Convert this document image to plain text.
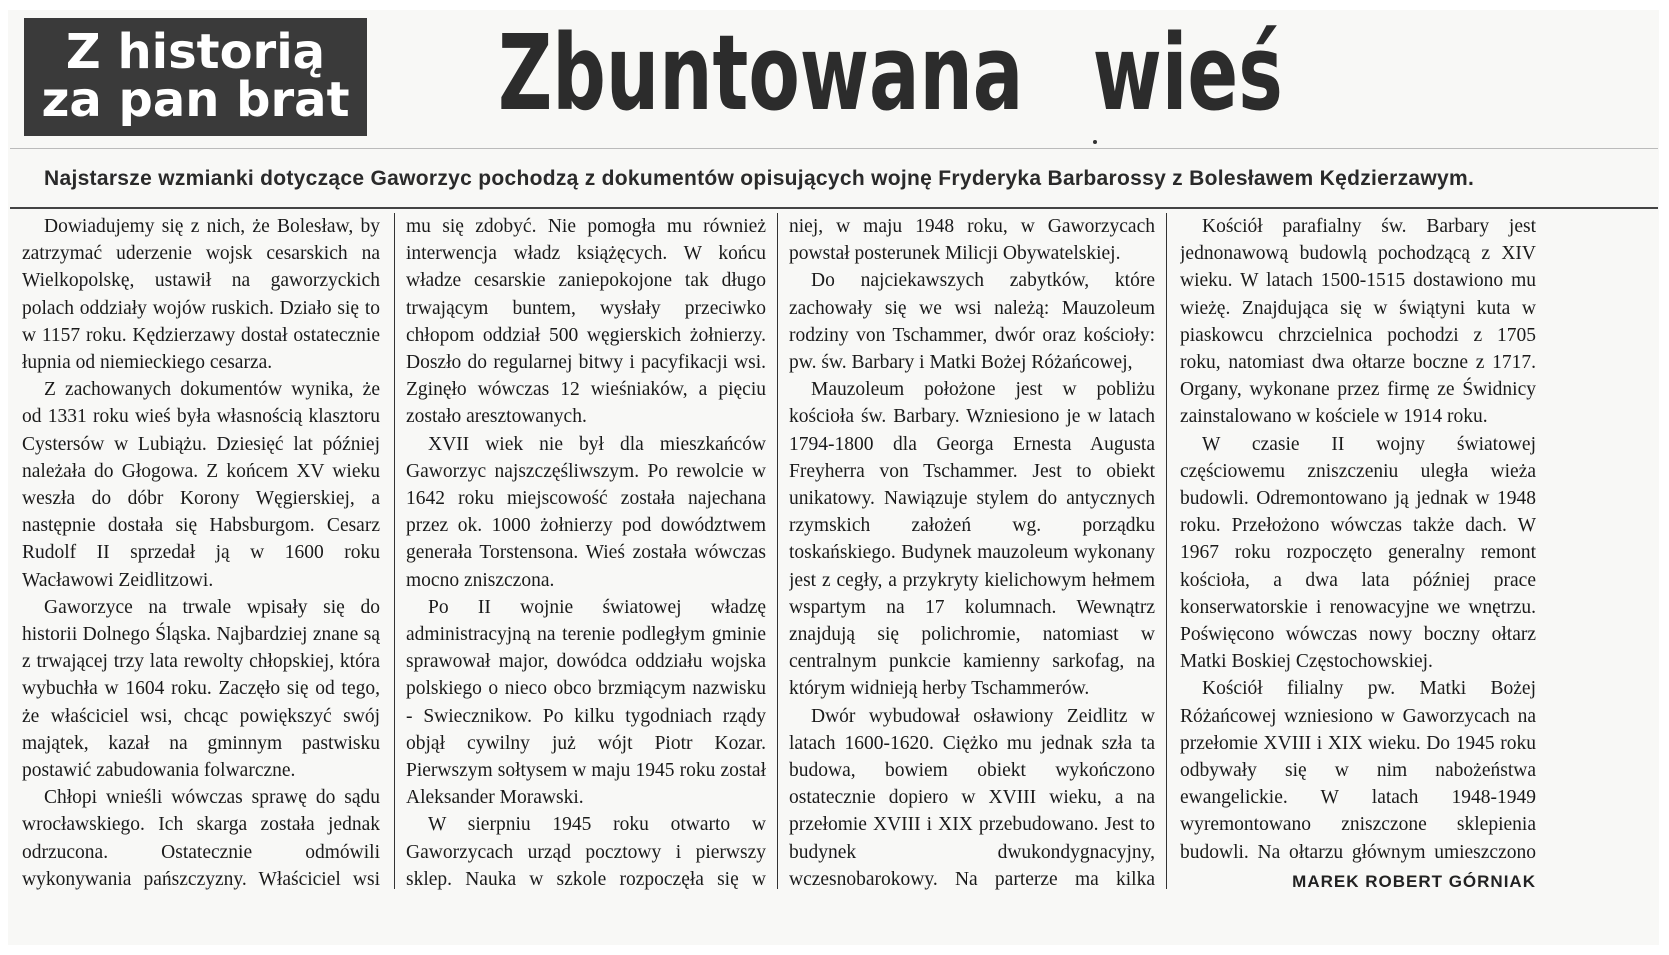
Z historią
za pan brat Zbuntowana wieś
Najstarsze wzmianki dotyczące Gaworzyc pochodzą z dokumentów opisujących wojnę Fryderyka Barbarossy z Bolesławem Kędzierzawym.

Dowiadujemy się z nich, że Bolesław, by zatrzymać uderzenie wojsk cesarskich na Wielkopolskę, ustawił na gaworzyckich polach oddziały wojów ruskich. Działo się to w 1157 roku. Kędzierzawy dostał ostatecznie łupnia od niemieckiego cesarza.

Z zachowanych dokumentów wynika, że od 1331 roku wieś była własnością klasztoru Cystersów w Lubiążu. Dziesięć lat później należała do Głogowa. Z końcem XV wieku weszła do dóbr Korony Węgierskiej, a następnie dostała się Habsburgom. Cesarz Rudolf II sprzedał ją w 1600 roku Wacławowi Zeidlitzowi.

Gaworzyce na trwale wpisały się do historii Dolnego Śląska. Najbardziej znane są z trwającej trzy lata rewolty chłopskiej, która wybuchła w 1604 roku. Zaczęło się od tego, że właściciel wsi, chcąc powiększyć swój majątek, kazał na gminnym pastwisku postawić zabudowania folwarczne.

Chłopi wnieśli wówczas sprawę do sądu wrocławskiego. Ich skarga została jednak odrzucona. Ostatecznie odmówili wykonywania pańszczyzny. Właściciel wsi

mu się zdobyć. Nie pomogła mu również interwencja władz książęcych. W końcu władze cesarskie zaniepokojone tak długo trwającym buntem, wysłały przeciwko chłopom oddział 500 węgierskich żołnierzy. Doszło do regularnej bitwy i pacyfikacji wsi. Zginęło wówczas 12 wieśniaków, a pięciu zostało aresztowanych.

XVII wiek nie był dla mieszkańców Gaworzyc najszczęśliwszym. Po rewolcie w 1642 roku miejscowość została najechana przez ok. 1000 żołnierzy pod dowództwem generała Torstensona. Wieś została wówczas mocno zniszczona.

Po II wojnie światowej władzę administracyjną na terenie podległym gminie sprawował major, dowódca oddziału wojska polskiego o nieco obco brzmiącym nazwisku - Swiecznikow. Po kilku tygodniach rządy objął cywilny już wójt Piotr Kozar. Pierwszym sołtysem w maju 1945 roku został Aleksander Morawski.

W sierpniu 1945 roku otwarto w Gaworzycach urząd pocztowy i pierwszy sklep. Nauka w szkole rozpoczęła się w

niej, w maju 1948 roku, w Gaworzycach powstał posterunek Milicji Obywatelskiej.

Do najciekawszych zabytków, które zachowały się we wsi należą: Mauzoleum rodziny von Tschammer, dwór oraz kościoły: pw. św. Barbary i Matki Bożej Różańcowej,

Mauzoleum położone jest w pobliżu kościoła św. Barbary. Wzniesiono je w latach 1794-1800 dla Georga Ernesta Augusta Freyherra von Tschammer. Jest to obiekt unikatowy. Nawiązuje stylem do antycznych rzymskich założeń wg. porządku toskańskiego. Budynek mauzoleum wykonany jest z cegły, a przykryty kielichowym hełmem wspartym na 17 kolumnach. Wewnątrz znajdują się polichromie, natomiast w centralnym punkcie kamienny sarkofag, na którym widnieją herby Tschammerów.

Dwór wybudował osławiony Zeidlitz w latach 1600-1620. Ciężko mu jednak szła ta budowa, bowiem obiekt wykończono ostatecznie dopiero w XVIII wieku, a na przełomie XVIII i XIX przebudowano. Jest to budynek dwukondygnacyjny, wczesnobarokowy. Na parterze ma kilka

Kościół parafialny św. Barbary jest jednonawową budowlą pochodzącą z XIV wieku. W latach 1500-1515 dostawiono mu wieżę. Znajdująca się w świątyni kuta w piaskowcu chrzcielnica pochodzi z 1705 roku, natomiast dwa ołtarze boczne z 1717. Organy, wykonane przez firmę ze Świdnicy zainstalowano w kościele w 1914 roku.

W czasie II wojny światowej częściowemu zniszczeniu uległa wieża budowli. Odremontowano ją jednak w 1948 roku. Przełożono wówczas także dach. W 1967 roku rozpoczęto generalny remont kościoła, a dwa lata później prace konserwatorskie i renowacyjne we wnętrzu. Poświęcono wówczas nowy boczny ołtarz Matki Boskiej Częstochowskiej.

Kościół filialny pw. Matki Bożej Różańcowej wzniesiono w Gaworzycach na przełomie XVIII i XIX wieku. Do 1945 roku odbywały się w nim nabożeństwa ewangelickie. W latach 1948-1949 wyremontowano zniszczone sklepienia budowli. Na ołtarzu głównym umieszczono

MAREK ROBERT GÓRNIAK
